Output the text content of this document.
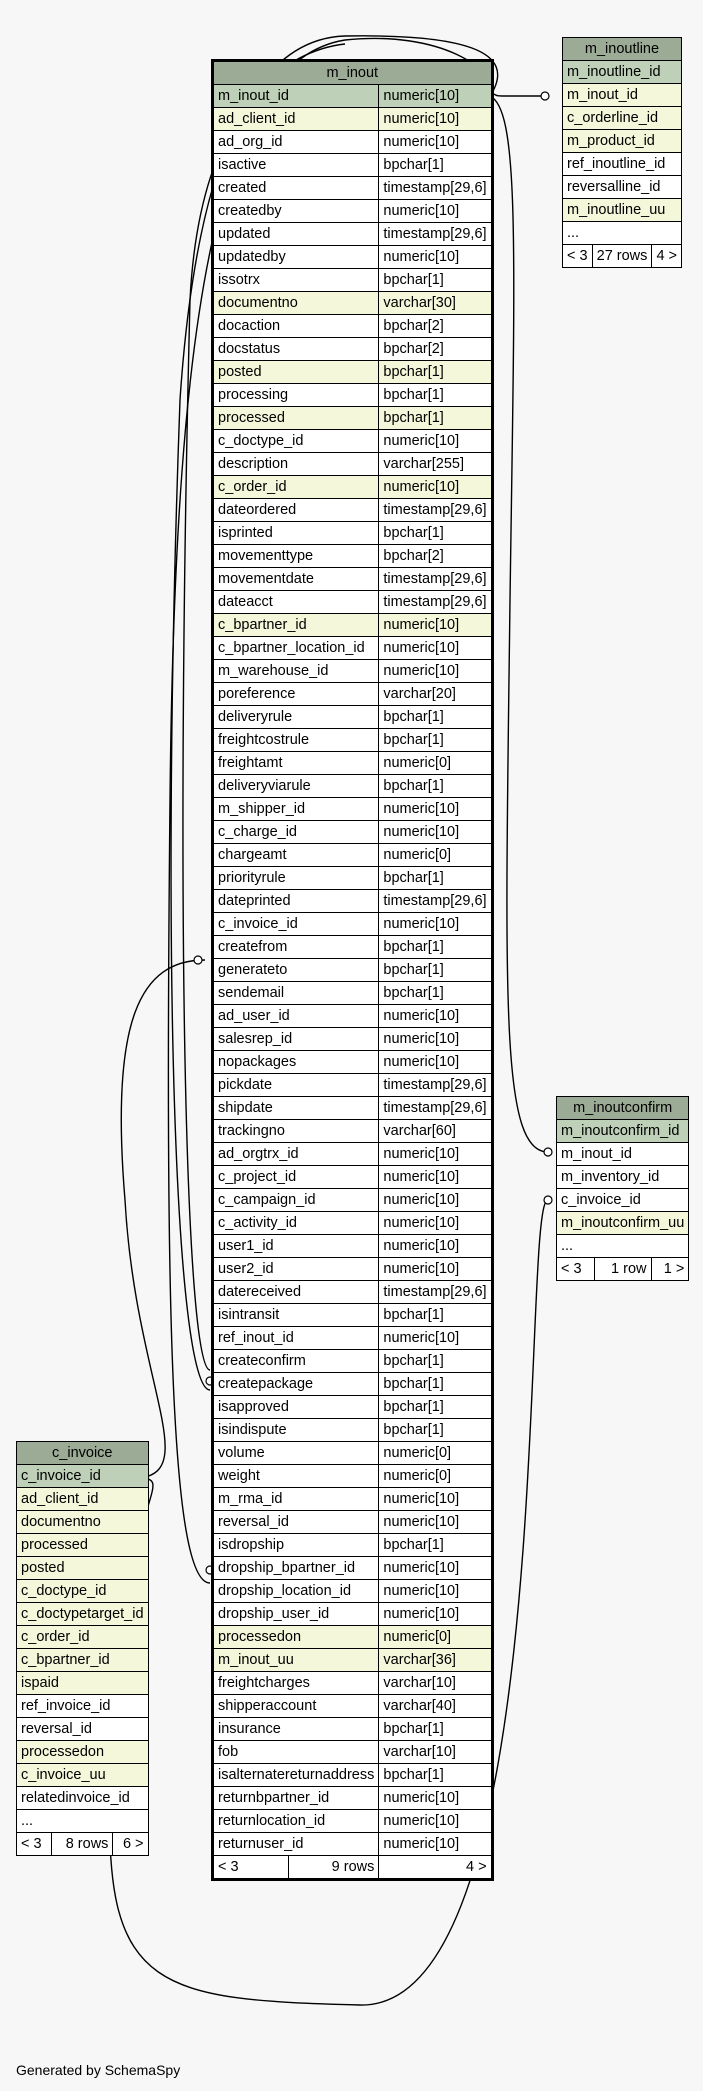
m_inout	
m_inout_id	numeric[10]
ad_client_id	numeric[10]
ad_org_id	numeric[10]
isactive	bpchar[1]
created	timestamp[29,6]
createdby	numeric[10]
updated	timestamp[29,6]
updatedby	numeric[10]
issotrx	bpchar[1]
documentno	varchar[30]
docaction	bpchar[2]
docstatus	bpchar[2]
posted	bpchar[1]
processing	bpchar[1]
processed	bpchar[1]
c_doctype_id	numeric[10]
description	varchar[255]
c_order_id	numeric[10]
dateordered	timestamp[29,6]
isprinted	bpchar[1]
movementtype	bpchar[2]
movementdate	timestamp[29,6]
dateacct	timestamp[29,6]
c_bpartner_id	numeric[10]
c_bpartner_location_id	numeric[10]
m_warehouse_id	numeric[10]
poreference	varchar[20]
deliveryrule	bpchar[1]
freightcostrule	bpchar[1]
freightamt	numeric[0]
deliveryviarule	bpchar[1]
m_shipper_id	numeric[10]
c_charge_id	numeric[10]
chargeamt	numeric[0]
priorityrule	bpchar[1]
dateprinted	timestamp[29,6]
c_invoice_id	numeric[10]
createfrom	bpchar[1]
generateto	bpchar[1]
sendemail	bpchar[1]
ad_user_id	numeric[10]
salesrep_id	numeric[10]
nopackages	numeric[10]
pickdate	timestamp[29,6]
shipdate	timestamp[29,6]
trackingno	varchar[60]
ad_orgtrx_id	numeric[10]
c_project_id	numeric[10]
c_campaign_id	numeric[10]
c_activity_id	numeric[10]
user1_id	numeric[10]
user2_id	numeric[10]
datereceived	timestamp[29,6]
isintransit	bpchar[1]
ref_inout_id	numeric[10]
createconfirm	bpchar[1]
createpackage	bpchar[1]
isapproved	bpchar[1]
isindispute	bpchar[1]
volume	numeric[0]
weight	numeric[0]
m_rma_id	numeric[10]
reversal_id	numeric[10]
isdropship	bpchar[1]
dropship_bpartner_id	numeric[10]
dropship_location_id	numeric[10]
dropship_user_id	numeric[10]
processedon	numeric[0]
m_inout_uu	varchar[36]
freightcharges	varchar[10]
shipperaccount	varchar[40]
insurance	bpchar[1]
fob	varchar[10]
isalternatereturnaddress	bpchar[1]
returnbpartner_id	numeric[10]
returnlocation_id	numeric[10]
returnuser_id	numeric[10]

< 3 9 rows	4 >
m_inoutline
m_inoutline_id
m_inout_id
c_orderline_id
m_product_id
ref_inoutline_id
reversalline_id
m_inoutline_uu
...
< 3	27 rows	4 >
m_inoutconfirm
m_inoutconfirm_id
m_inout_id
m_inventory_id
c_invoice_id
m_inoutconfirm_uu
...
< 3	1 row	1 >
c_invoice
c_invoice_id
ad_client_id
documentno
processed
posted
c_doctype_id
c_doctypetarget_id
c_order_id
c_bpartner_id
ispaid
ref_invoice_id
reversal_id
processedon
c_invoice_uu
relatedinvoice_id
...
< 3	8 rows	6 >
Generated by SchemaSpy
